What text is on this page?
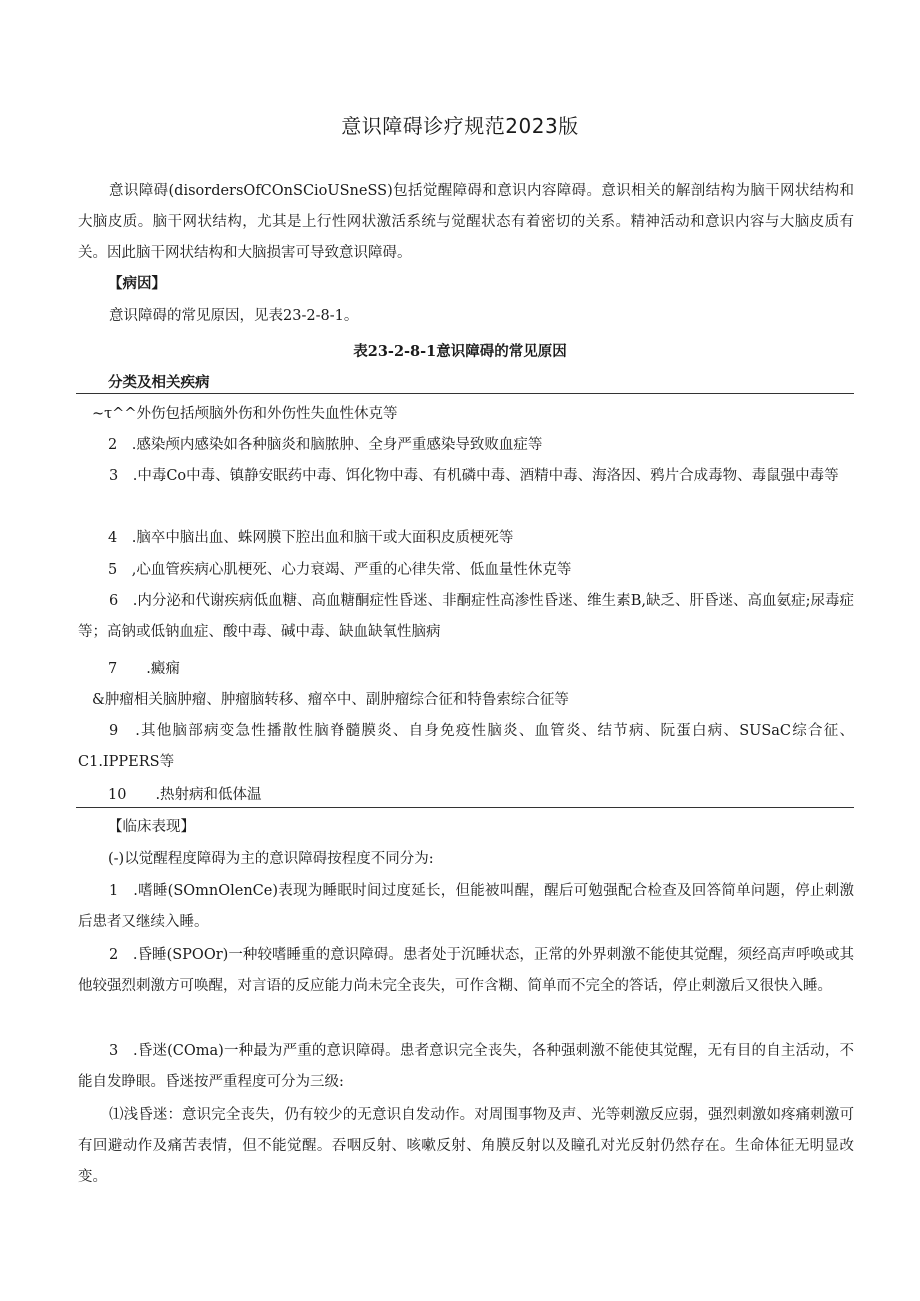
意识障碍诊疗规范2023版

意识障碍(disordersOfCOnSCioUSneSS)包括觉醒障碍和意识内容障碍。意识相关的解剖结构为脑干网状结构和大脑皮质。脑干网状结构，尤其是上行性网状激活系统与觉醒状态有着密切的关系。精神活动和意识内容与大脑皮质有关。因此脑干网状结构和大脑损害可导致意识障碍。

【病因】

意识障碍的常见原因，见表23-2-8-1。

表23-2-8-1意识障碍的常见原因

分类及相关疾病

~τ^^外伤包括颅脑外伤和外伤性失血性休克等

2　.感染颅内感染如各种脑炎和脑脓肿、全身严重感染导致败血症等

3　.中毒Co中毒、镇静安眠药中毒、饵化物中毒、有机磷中毒、酒精中毒、海洛因、鸦片合成毒物、毒鼠强中毒等

4　.脑卒中脑出血、蛛网膜下腔出血和脑干或大面积皮质梗死等

5　,心血管疾病心肌梗死、心力衰竭、严重的心律失常、低血量性休克等

6　.内分泌和代谢疾病低血糖、高血糖酮症性昏迷、非酮症性高渗性昏迷、维生素B,缺乏、肝昏迷、高血氨症;尿毒症等；高钠或低钠血症、酸中毒、碱中毒、缺血缺氧性脑病

7　　.癜痫

&肿瘤相关脑肿瘤、肿瘤脑转移、瘤卒中、副肿瘤综合征和特鲁索综合征等

9　.其他脑部病变急性播散性脑脊髓膜炎、自身免疫性脑炎、血管炎、结节病、阮蛋白病、SUSaC综合征、C1.IPPERS等

10　　.热射病和低体温

【临床表现】

(-)以觉醒程度障碍为主的意识障碍按程度不同分为:

1　.嗜睡(SOmnOlenCe)表现为睡眠时间过度延长，但能被叫醒，醒后可勉强配合检查及回答简单问题，停止刺激后患者又继续入睡。

2　.昏睡(SPOOr)一种较嗜睡重的意识障碍。患者处于沉睡状态，正常的外界刺激不能使其觉醒，须经高声呼唤或其他较强烈刺激方可唤醒，对言语的反应能力尚未完全丧失，可作含糊、简单而不完全的答话，停止刺激后又很快入睡。

3　.昏迷(COma)一种最为严重的意识障碍。患者意识完全丧失，各种强刺激不能使其觉醒，无有目的自主活动，不能自发睁眼。昏迷按严重程度可分为三级:

⑴浅昏迷：意识完全丧失，仍有较少的无意识自发动作。对周围事物及声、光等刺激反应弱，强烈刺激如疼痛刺激可有回避动作及痛苦表情，但不能觉醒。吞咽反射、咳嗽反射、角膜反射以及瞳孔对光反射仍然存在。生命体征无明显改变。
